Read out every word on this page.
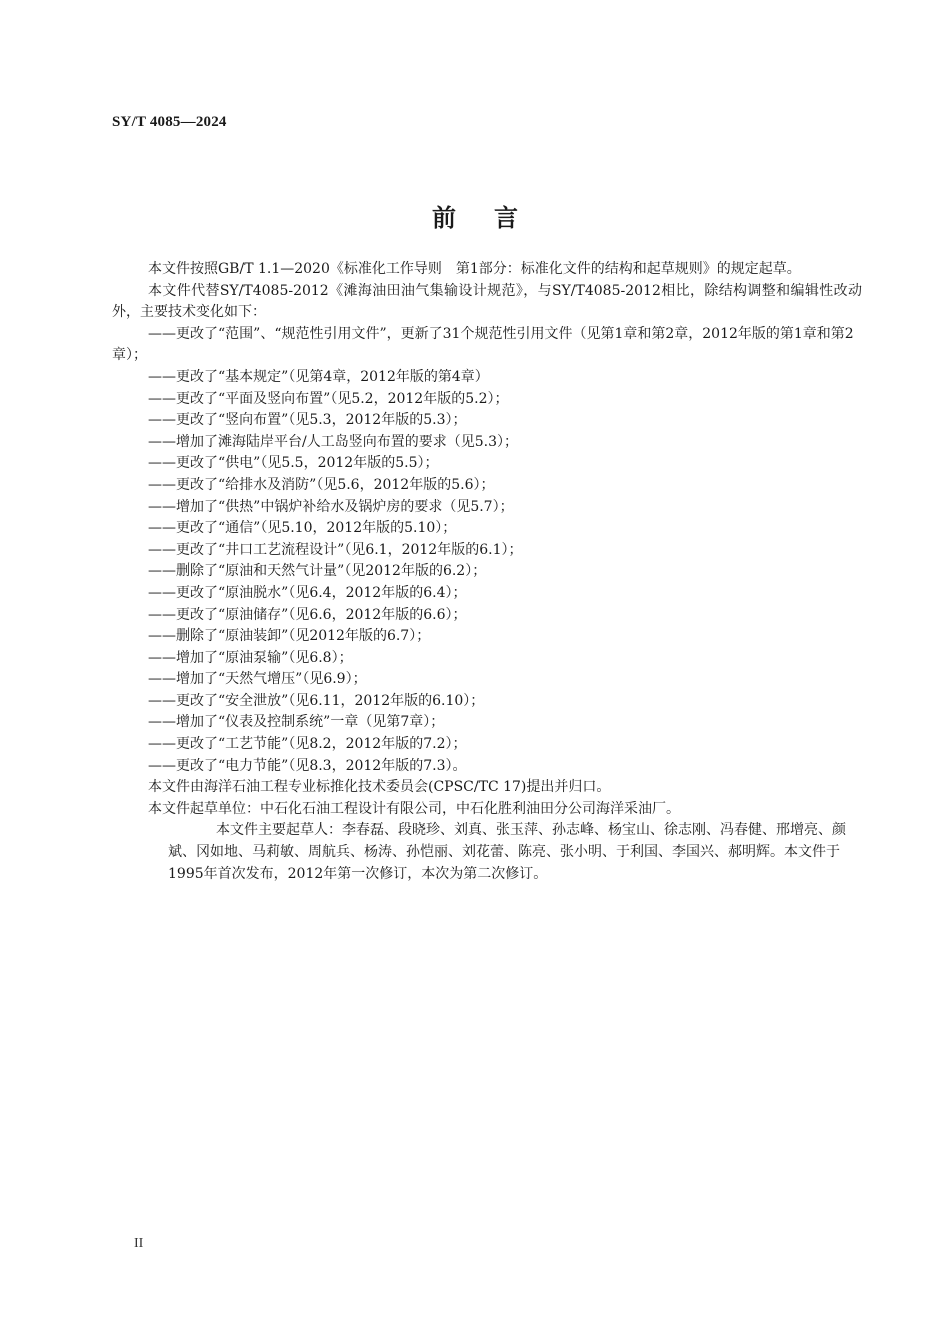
SY/T 4085—2024
前言

本文件按照GB/T 1.1—2020《标准化工作导则　第1部分：标准化文件的结构和起草规则》的规定起草。

本文件代替SY/T4085-2012《滩海油田油气集输设计规范》，与SY/T4085-2012相比，除结构调整和编辑性改动外，主要技术变化如下：

——更改了“范围”、“规范性引用文件”，更新了31个规范性引用文件（见第1章和第2章，2012年版的第1章和第2章）；

——更改了“基本规定”（见第4章，2012年版的第4章）

——更改了“平面及竖向布置”（见5.2，2012年版的5.2）；

——更改了“竖向布置”（见5.3，2012年版的5.3）；

——增加了滩海陆岸平台/人工岛竖向布置的要求（见5.3）；

——更改了“供电”（见5.5，2012年版的5.5）；

——更改了“给排水及消防”（见5.6，2012年版的5.6）；

——增加了“供热”中锅炉补给水及锅炉房的要求（见5.7）；

——更改了“通信”（见5.10，2012年版的5.10）；

——更改了“井口工艺流程设计”（见6.1，2012年版的6.1）；

——删除了“原油和天然气计量”（见2012年版的6.2）；

——更改了“原油脱水”（见6.4，2012年版的6.4）；

——更改了“原油储存”（见6.6，2012年版的6.6）；

——删除了“原油装卸”（见2012年版的6.7）；

——增加了“原油泵输”（见6.8）；

——增加了“天然气增压”（见6.9）；

——更改了“安全泄放”（见6.11，2012年版的6.10）；

——增加了“仪表及控制系统”一章（见第7章）；

——更改了“工艺节能”（见8.2，2012年版的7.2）；

——更改了“电力节能”（见8.3，2012年版的7.3）。

本文件由海洋石油工程专业标推化技术委员会(CPSC/TC 17)提出并归口。

本文件起草单位：中石化石油工程设计有限公司，中石化胜利油田分公司海洋采油厂。

本文件主要起草人：李春磊、段晓珍、刘真、张玉萍、孙志峰、杨宝山、徐志刚、冯春健、邢增亮、颜斌、冈如地、马莉敏、周航兵、杨涛、孙恺丽、刘花蕾、陈亮、张小明、于利国、李国兴、郝明辉。本文件于1995年首次发布，2012年第一次修订，本次为第二次修订。

II
